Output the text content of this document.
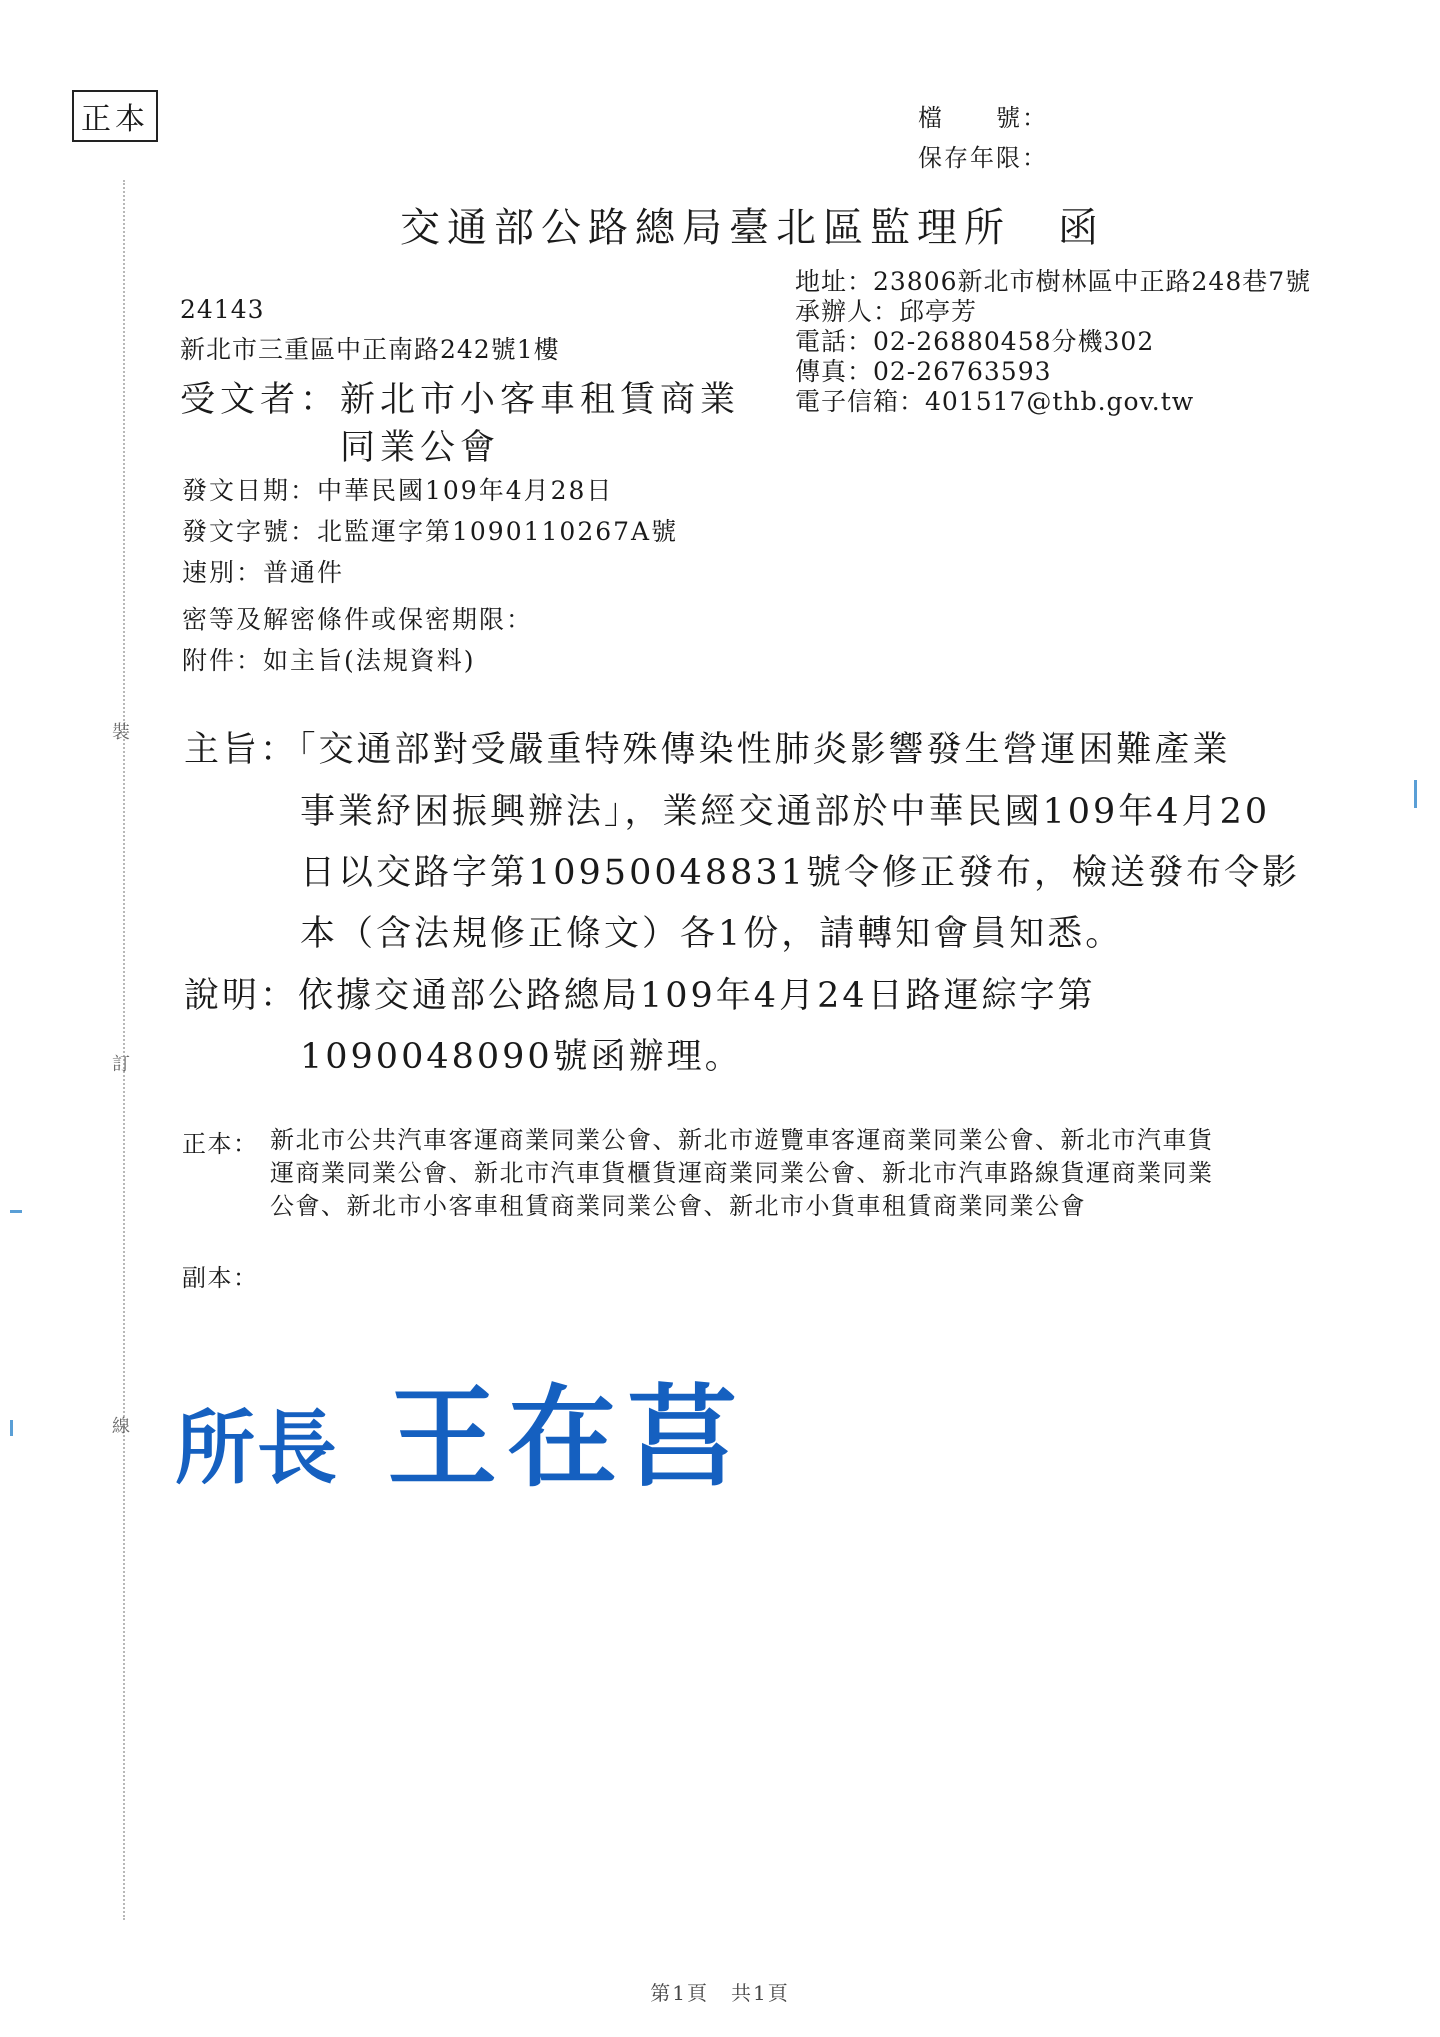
正本	檔　　號：
保存年限：
交通部公路總局臺北區監理所　函
地址：23806新北市樹林區中正路248巷7號
承辦人：邱亭芳
電話：02-26880458分機302
傳真：02-26763593
電子信箱：401517@thb.gov.tw
24143
新北市三重區中正南路242號1樓
受文者：新北市小客車租賃商業
同業公會
發文日期：中華民國109年4月28日
發文字號：北監運字第1090110267A號
速別：普通件
密等及解密條件或保密期限：
附件：如主旨(法規資料)
主旨：「交通部對受嚴重特殊傳染性肺炎影響發生營運困難產業
事業紓困振興辦法」，業經交通部於中華民國109年4月20
日以交路字第10950048831號令修正發布，檢送發布令影
本（含法規修正條文）各1份，請轉知會員知悉。
說明：依據交通部公路總局109年4月24日路運綜字第
1090048090號函辦理。
正本： 新北市公共汽車客運商業同業公會、新北市遊覽車客運商業同業公會、新北市汽車貨運商業同業公會、新北市汽車貨櫃貨運商業同業公會、新北市汽車路線貨運商業同業公會、新北市小客車租賃商業同業公會、新北市小貨車租賃商業同業公會
副本：
裝
訂
線 所長 王在莒
第1頁　共1頁
